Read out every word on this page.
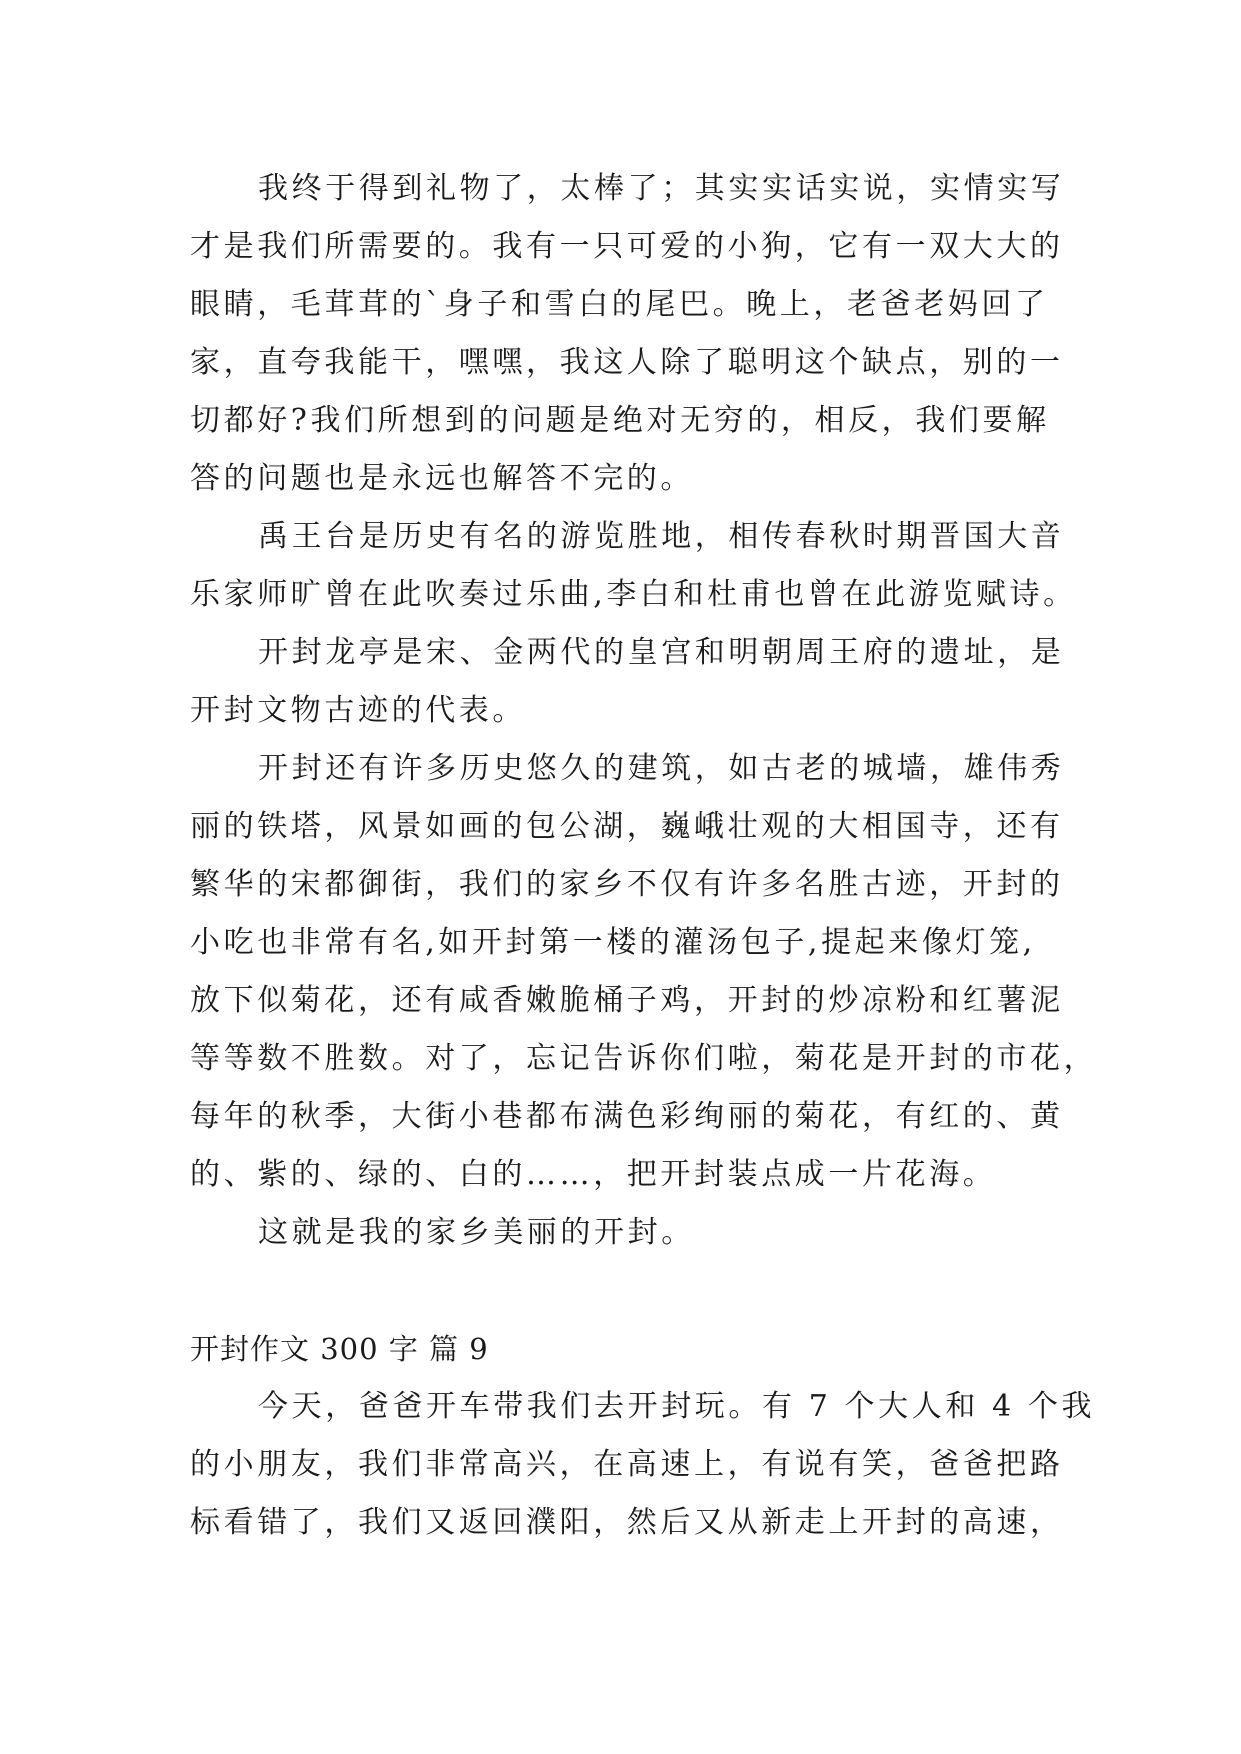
我终于得到礼物了，太棒了；其实实话实说，实情实写
才是我们所需要的。我有一只可爱的小狗，它有一双大大的
眼睛，毛茸茸的`身子和雪白的尾巴。晚上，老爸老妈回了
家，直夸我能干，嘿嘿，我这人除了聪明这个缺点，别的一
切都好?我们所想到的问题是绝对无穷的，相反，我们要解
答的问题也是永远也解答不完的。
禹王台是历史有名的游览胜地，相传春秋时期晋国大音
乐家师旷曾在此吹奏过乐曲,李白和杜甫也曾在此游览赋诗。
开封龙亭是宋、金两代的皇宫和明朝周王府的遗址，是
开封文物古迹的代表。
开封还有许多历史悠久的建筑，如古老的城墙，雄伟秀
丽的铁塔，风景如画的包公湖，巍峨壮观的大相国寺，还有
繁华的宋都御街，我们的家乡不仅有许多名胜古迹，开封的
小吃也非常有名,如开封第一楼的灌汤包子,提起来像灯笼,
放下似菊花，还有咸香嫩脆桶子鸡，开封的炒凉粉和红薯泥
等等数不胜数。对了，忘记告诉你们啦，菊花是开封的市花，
每年的秋季，大街小巷都布满色彩绚丽的菊花，有红的、黄
的、紫的、绿的、白的……，把开封装点成一片花海。
这就是我的家乡美丽的开封。
开封作文 300 字 篇 9
今天，爸爸开车带我们去开封玩。有 7 个大人和 4 个我
的小朋友，我们非常高兴，在高速上，有说有笑，爸爸把路
标看错了，我们又返回濮阳，然后又从新走上开封的高速，
